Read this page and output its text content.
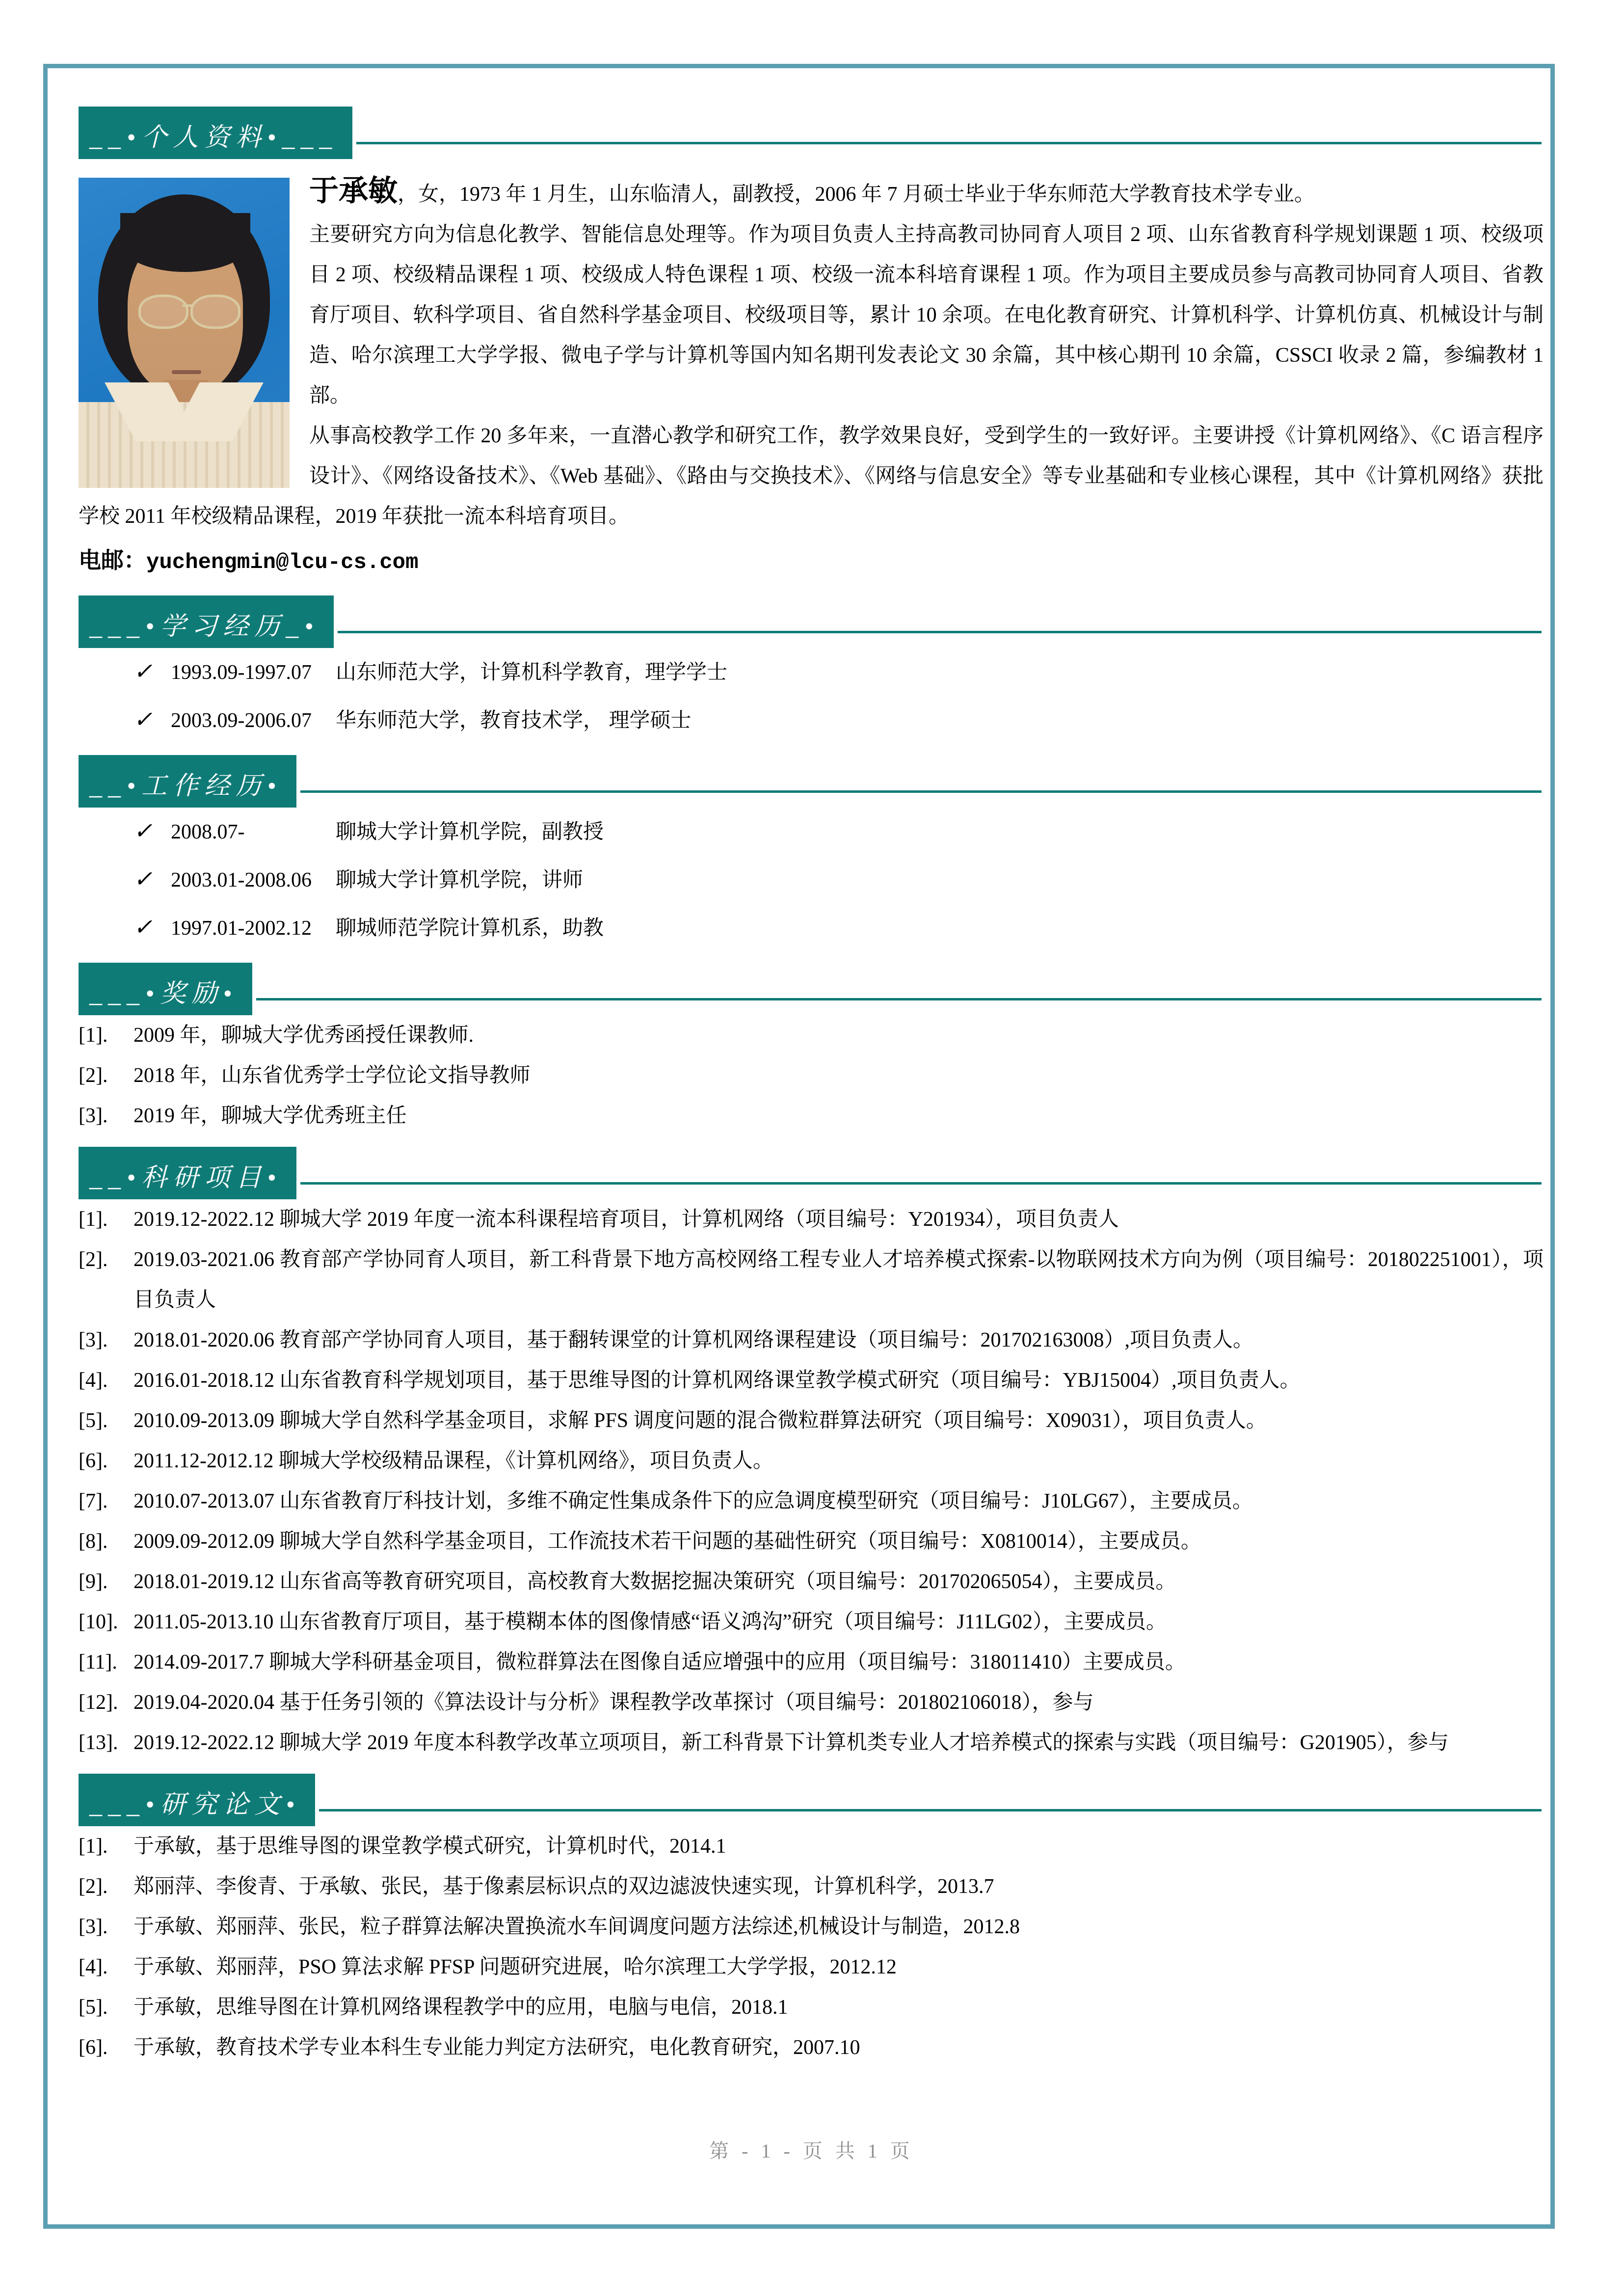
__•个人资料•___

于承敏，女，1973 年 1 月生，山东临清人，副教授，2006 年 7 月硕士毕业于华东师范大学教育技术学专业。

主要研究方向为信息化教学、智能信息处理等。作为项目负责人主持高教司协同育人项目 2 项、山东省教育科学规划课题 1 项、校级项目 2 项、校级精品课程 1 项、校级成人特色课程 1 项、校级一流本科培育课程 1 项。作为项目主要成员参与高教司协同育人项目、省教育厅项目、软科学项目、省自然科学基金项目、校级项目等，累计 10 余项。在电化教育研究、计算机科学、计算机仿真、机械设计与制造、哈尔滨理工大学学报、微电子学与计算机等国内知名期刊发表论文 30 余篇，其中核心期刊 10 余篇，CSSCI 收录 2 篇，参编教材 1 部。

从事高校教学工作 20 多年来，一直潜心教学和研究工作，教学效果良好，受到学生的一致好评。主要讲授《计算机网络》、《C 语言程序设计》、《网络设备技术》、《Web 基础》、《路由与交换技术》、《网络与信息安全》等专业基础和专业核心课程，其中《计算机网络》获批学校 2011 年校级精品课程，2019 年获批一流本科培育项目。

电邮：yuchengmin@lcu-cs.com
___•学习经历_•
✓ 1993.09-1997.07 山东师范大学，计算机科学教育，理学学士
✓ 2003.09-2006.07 华东师范大学，教育技术学， 理学硕士
__•工作经历•
✓ 2008.07-	聊城大学计算机学院，副教授
✓ 2003.01-2008.06 聊城大学计算机学院，讲师
✓ 1997.01-2002.12 聊城师范学院计算机系，助教
___•奖励•
[1]. 2009 年，聊城大学优秀函授任课教师.
[2]. 2018 年，山东省优秀学士学位论文指导教师
[3]. 2019 年，聊城大学优秀班主任
__•科研项目•
[1]. 2019.12-2022.12 聊城大学 2019 年度一流本科课程培育项目，计算机网络（项目编号：Y201934），项目负责人
[2]. 2019.03-2021.06 教育部产学协同育人项目，新工科背景下地方高校网络工程专业人才培养模式探索-以物联网技术方向为例（项目编号：201802251001），项目负责人
[3]. 2018.01-2020.06 教育部产学协同育人项目，基于翻转课堂的计算机网络课程建设（项目编号：201702163008）,项目负责人。
[4]. 2016.01-2018.12 山东省教育科学规划项目，基于思维导图的计算机网络课堂教学模式研究（项目编号：YBJ15004）,项目负责人。
[5]. 2010.09-2013.09 聊城大学自然科学基金项目，求解 PFS 调度问题的混合微粒群算法研究（项目编号：X09031），项目负责人。
[6]. 2011.12-2012.12 聊城大学校级精品课程，《计算机网络》，项目负责人。
[7]. 2010.07-2013.07 山东省教育厅科技计划，多维不确定性集成条件下的应急调度模型研究（项目编号：J10LG67），主要成员。
[8]. 2009.09-2012.09 聊城大学自然科学基金项目，工作流技术若干问题的基础性研究（项目编号：X0810014），主要成员。
[9]. 2018.01-2019.12 山东省高等教育研究项目，高校教育大数据挖掘决策研究（项目编号：201702065054），主要成员。
[10]. 2011.05-2013.10 山东省教育厅项目，基于模糊本体的图像情感“语义鸿沟”研究（项目编号：J11LG02），主要成员。
[11]. 2014.09-2017.7 聊城大学科研基金项目，微粒群算法在图像自适应增强中的应用（项目编号：318011410）主要成员。
[12]. 2019.04-2020.04 基于任务引领的《算法设计与分析》课程教学改革探讨（项目编号：201802106018），参与
[13]. 2019.12-2022.12 聊城大学 2019 年度本科教学改革立项项目，新工科背景下计算机类专业人才培养模式的探索与实践（项目编号：G201905），参与
___•研究论文•
[1]. 于承敏，基于思维导图的课堂教学模式研究，计算机时代，2014.1
[2]. 郑丽萍、李俊青、于承敏、张民，基于像素层标识点的双边滤波快速实现，计算机科学，2013.7
[3]. 于承敏、郑丽萍、张民，粒子群算法解决置换流水车间调度问题方法综述,机械设计与制造，2012.8
[4]. 于承敏、郑丽萍，PSO 算法求解 PFSP 问题研究进展，哈尔滨理工大学学报，2012.12
[5]. 于承敏，思维导图在计算机网络课程教学中的应用，电脑与电信，2018.1
[6]. 于承敏，教育技术学专业本科生专业能力判定方法研究，电化教育研究，2007.10
第 - 1 - 页 共 1 页
